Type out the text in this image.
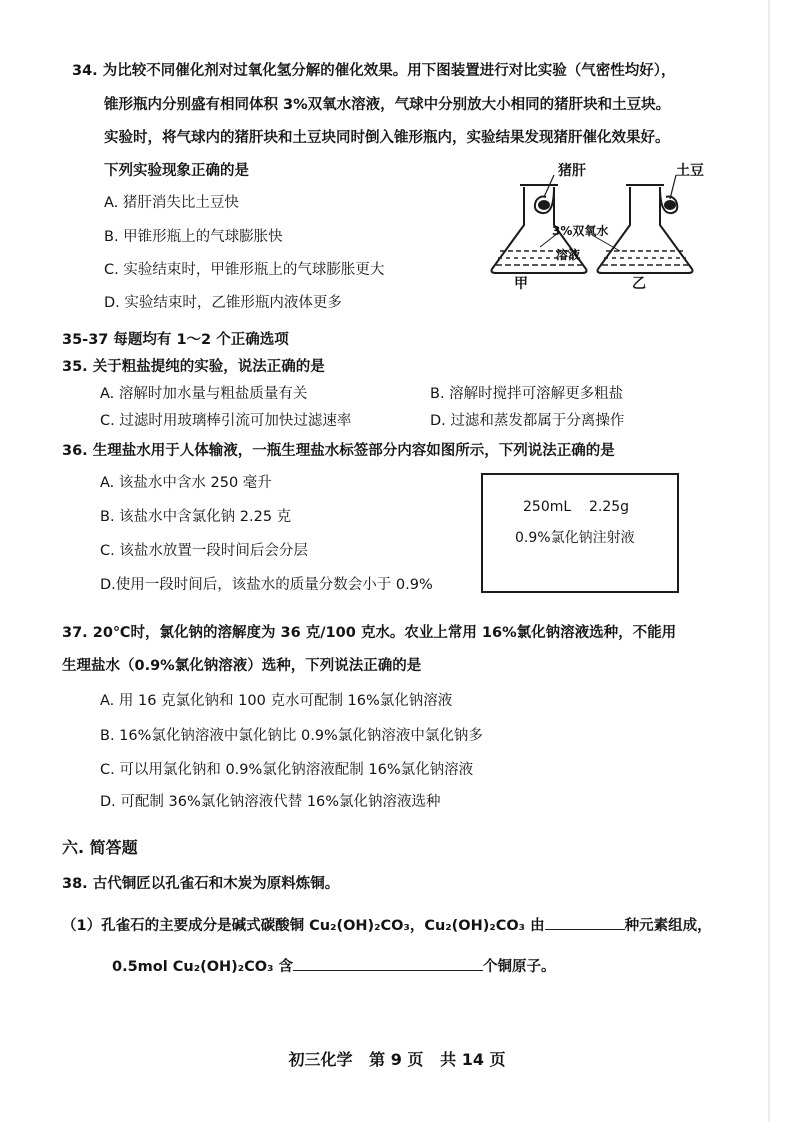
34. 为比较不同催化剂对过氧化氢分解的催化效果。用下图装置进行对比实验（气密性均好），
锥形瓶内分别盛有相同体积 3%双氧水溶液，气球中分别放大小相同的猪肝块和土豆块。
实验时，将气球内的猪肝块和土豆块同时倒入锥形瓶内，实验结果发现猪肝催化效果好。
下列实验现象正确的是
A. 猪肝消失比土豆快
B. 甲锥形瓶上的气球膨胀快
C. 实验结束时，甲锥形瓶上的气球膨胀更大
D. 实验结束时，乙锥形瓶内液体更多
猪肝	土豆
3%双氧水
溶液
甲	乙
35-37 每题均有 1～2 个正确选项
35. 关于粗盐提纯的实验，说法正确的是
A. 溶解时加水量与粗盐质量有关	B. 溶解时搅拌可溶解更多粗盐
C. 过滤时用玻璃棒引流可加快过滤速率	D. 过滤和蒸发都属于分离操作
36. 生理盐水用于人体输液，一瓶生理盐水标签部分内容如图所示，下列说法正确的是
A. 该盐水中含水 250 毫升
B. 该盐水中含氯化钠 2.25 克
C. 该盐水放置一段时间后会分层
D.使用一段时间后，该盐水的质量分数会小于 0.9%
250mL    2.25g
0.9%氯化钠注射液
37. 20℃时，氯化钠的溶解度为 36 克/100 克水。农业上常用 16%氯化钠溶液选种，不能用
生理盐水（0.9%氯化钠溶液）选种，下列说法正确的是
A. 用 16 克氯化钠和 100 克水可配制 16%氯化钠溶液
B. 16%氯化钠溶液中氯化钠比 0.9%氯化钠溶液中氯化钠多
C. 可以用氯化钠和 0.9%氯化钠溶液配制 16%氯化钠溶液
D. 可配制 36%氯化钠溶液代替 16%氯化钠溶液选种
六. 简答题
38. 古代铜匠以孔雀石和木炭为原料炼铜。
（1）孔雀石的主要成分是碱式碳酸铜 Cu₂(OH)₂CO₃，Cu₂(OH)₂CO₃ 由	种元素组成，
0.5mol Cu₂(OH)₂CO₃ 含	个铜原子。
初三化学   第 9 页   共 14 页
